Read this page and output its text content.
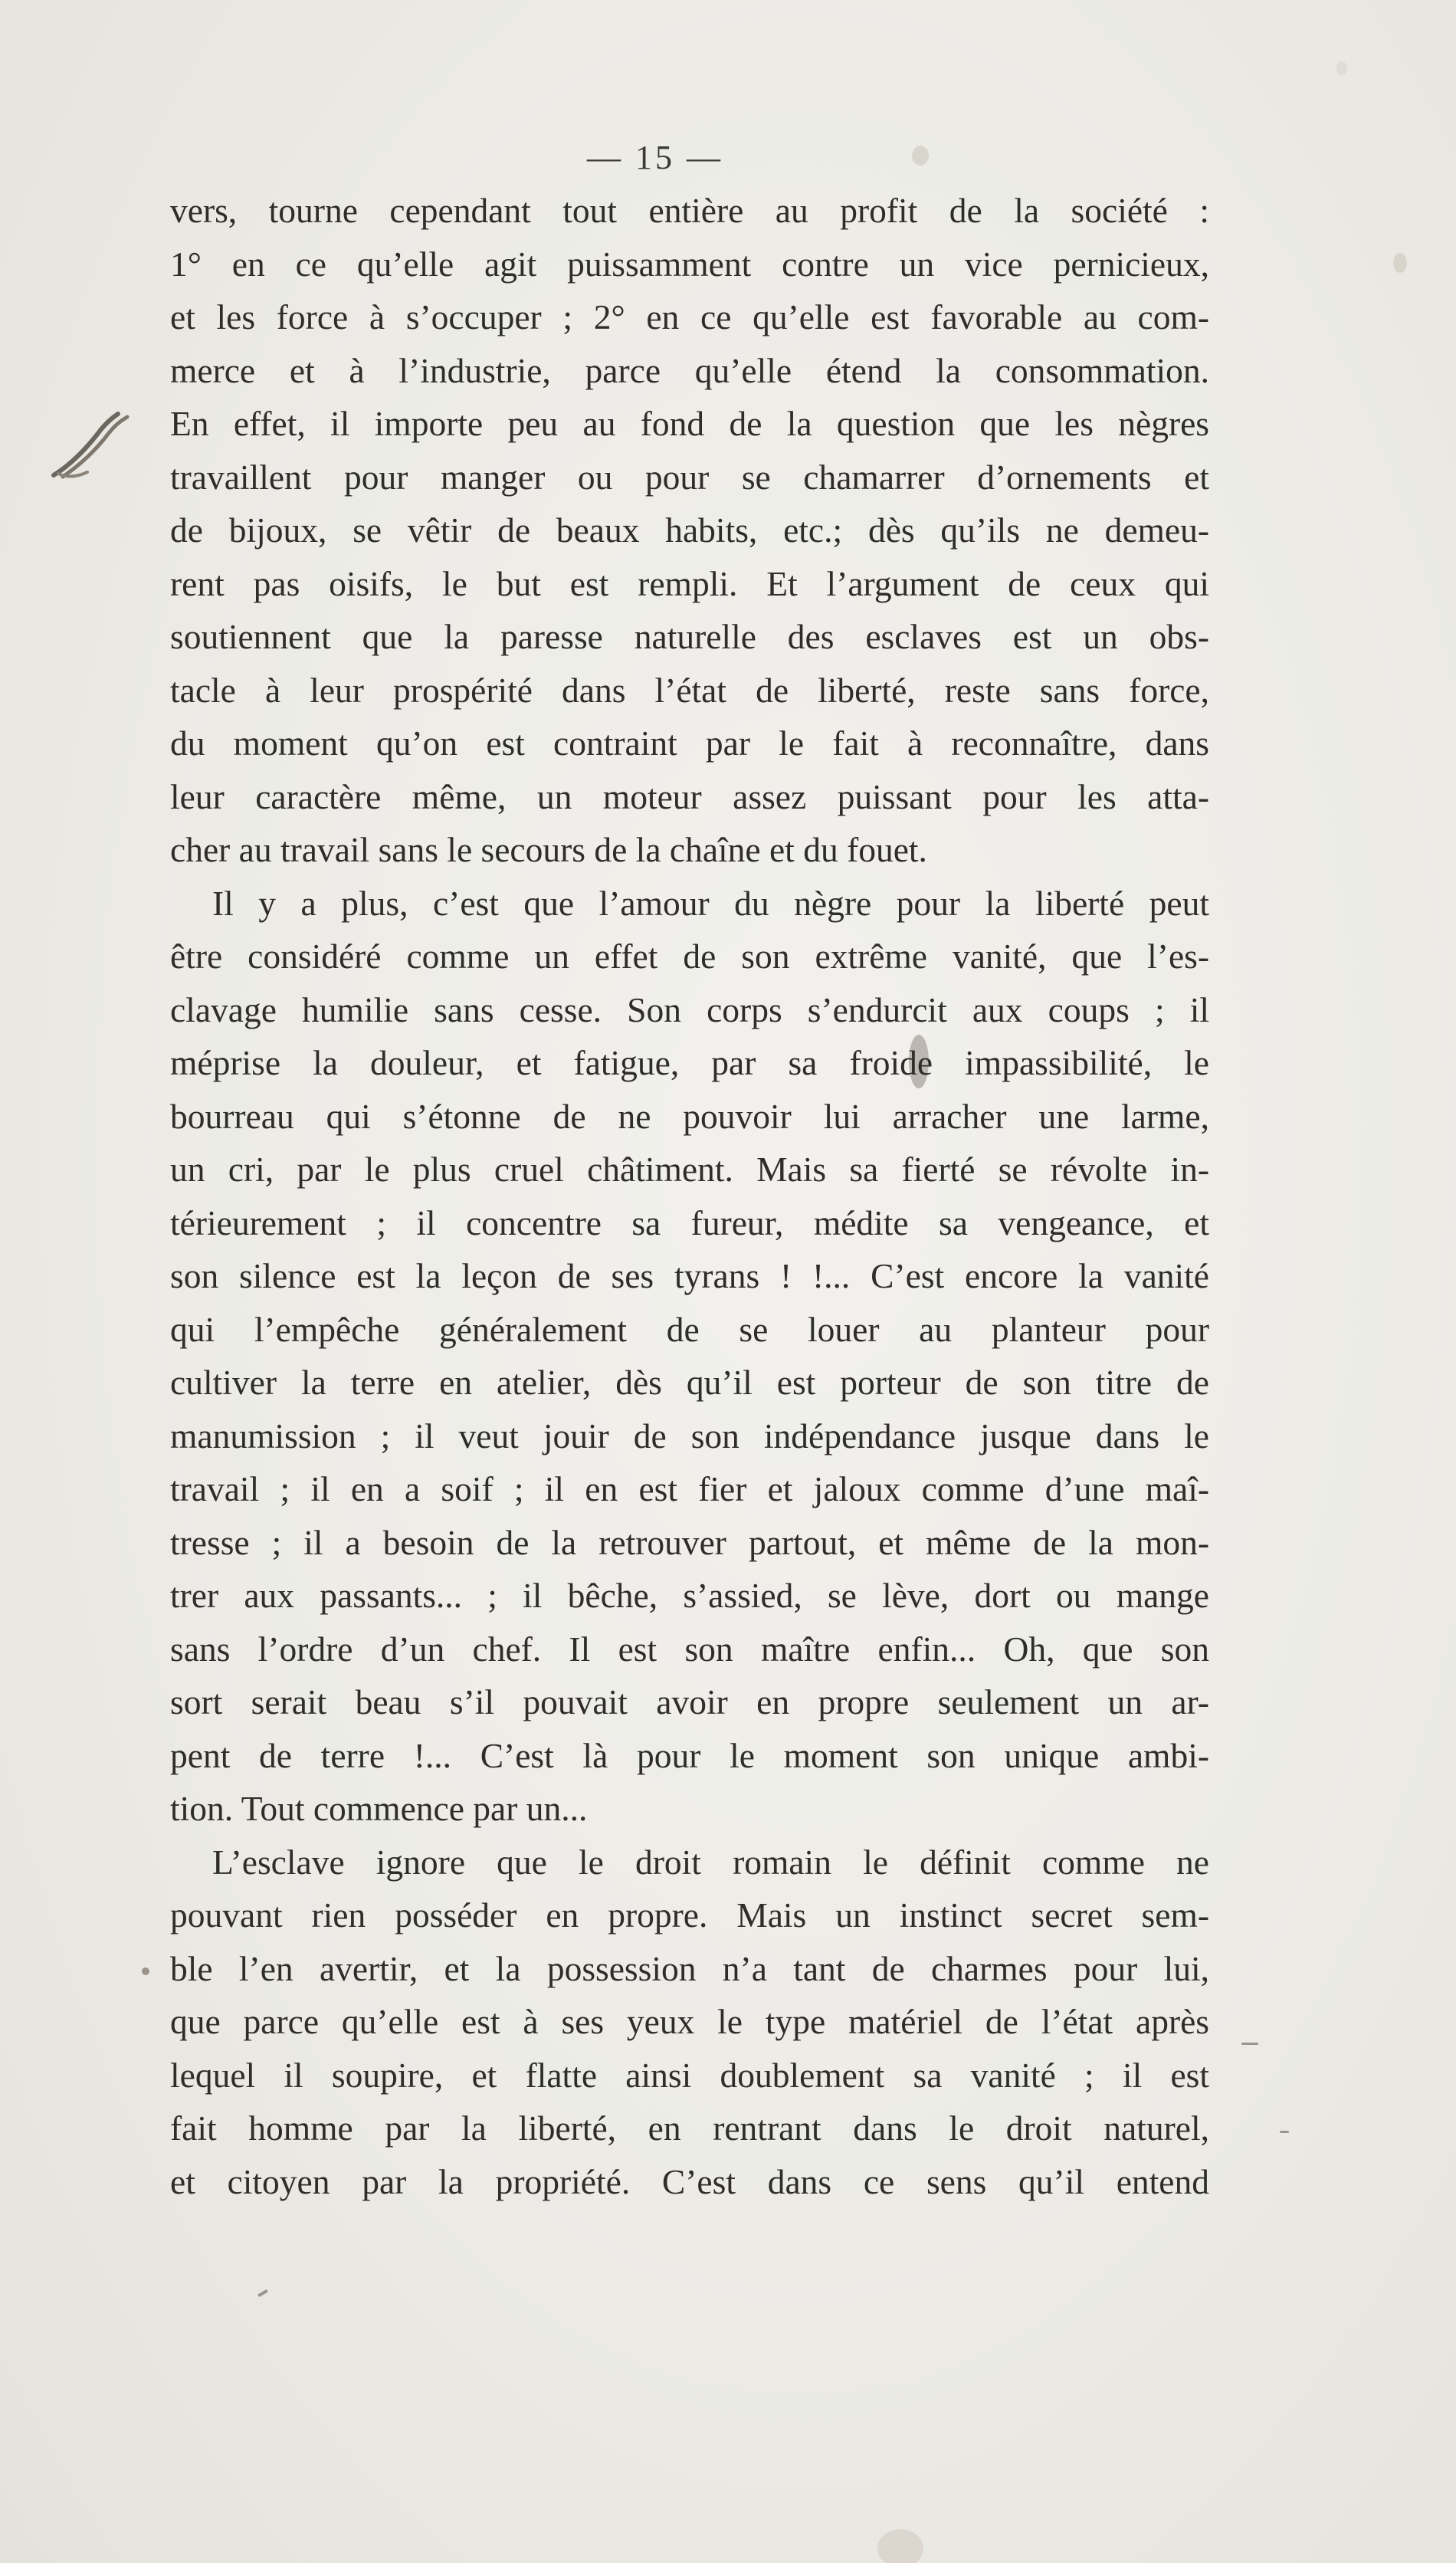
— 15 —
vers, tourne cependant tout entière au profit de la société :
1° en ce qu’elle agit puissamment contre un vice pernicieux,
et les force à s’occuper ; 2° en ce qu’elle est favorable au com-
merce et à l’industrie, parce qu’elle étend la consommation.
En effet, il importe peu au fond de la question que les nègres
travaillent pour manger ou pour se chamarrer d’ornements et
de bijoux, se vêtir de beaux habits, etc.; dès qu’ils ne demeu-
rent pas oisifs, le but est rempli. Et l’argument de ceux qui
soutiennent que la paresse naturelle des esclaves est un obs-
tacle à leur prospérité dans l’état de liberté, reste sans force,
du moment qu’on est contraint par le fait à reconnaître, dans
leur caractère même, un moteur assez puissant pour les atta-
cher au travail sans le secours de la chaîne et du fouet.
Il y a plus, c’est que l’amour du nègre pour la liberté peut
être considéré comme un effet de son extrême vanité, que l’es-
clavage humilie sans cesse. Son corps s’endurcit aux coups ; il
méprise la douleur, et fatigue, par sa froide impassibilité, le
bourreau qui s’étonne de ne pouvoir lui arracher une larme,
un cri, par le plus cruel châtiment. Mais sa fierté se révolte in-
térieurement ; il concentre sa fureur, médite sa vengeance, et
son silence est la leçon de ses tyrans ! !... C’est encore la vanité
qui l’empêche généralement de se louer au planteur pour
cultiver la terre en atelier, dès qu’il est porteur de son titre de
manumission ; il veut jouir de son indépendance jusque dans le
travail ; il en a soif ; il en est fier et jaloux comme d’une maî-
tresse ; il a besoin de la retrouver partout, et même de la mon-
trer aux passants... ; il bêche, s’assied, se lève, dort ou mange
sans l’ordre d’un chef. Il est son maître enfin... Oh, que son
sort serait beau s’il pouvait avoir en propre seulement un ar-
pent de terre !... C’est là pour le moment son unique ambi-
tion. Tout commence par un...
L’esclave ignore que le droit romain le définit comme ne
pouvant rien posséder en propre. Mais un instinct secret sem-
ble l’en avertir, et la possession n’a tant de charmes pour lui,
que parce qu’elle est à ses yeux le type matériel de l’état après
lequel il soupire, et flatte ainsi doublement sa vanité ; il est
fait homme par la liberté, en rentrant dans le droit naturel,
et citoyen par la propriété. C’est dans ce sens qu’il entend
